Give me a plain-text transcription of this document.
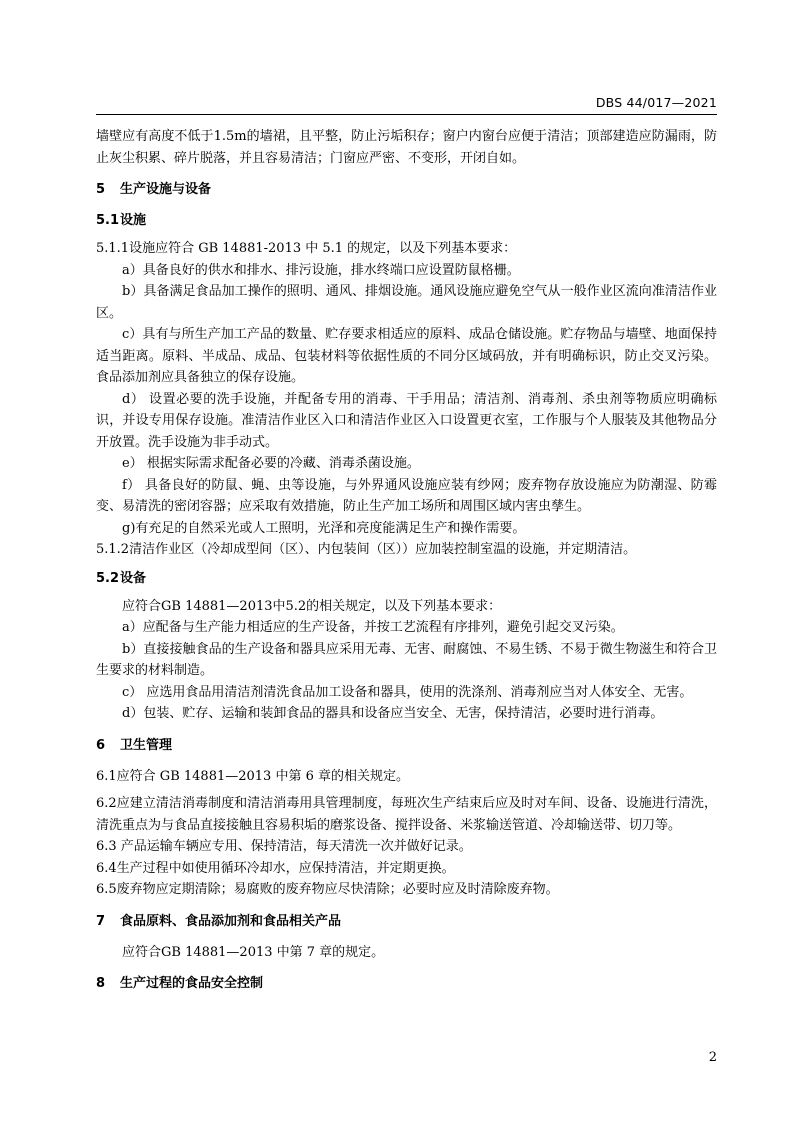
DBS 44/017—2021

墙壁应有高度不低于1.5m的墙裙，且平整，防止污垢积存；窗户内窗台应便于清洁；顶部建造应防漏雨，防止灰尘积累、碎片脱落，并且容易清洁；门窗应严密、不变形，开闭自如。

5 生产设施与设备
5.1设施

5.1.1设施应符合 GB 14881-2013 中 5.1 的规定，以及下列基本要求：

a）具备良好的供水和排水、排污设施，排水终端口应设置防鼠格栅。

b）具备满足食品加工操作的照明、通风、排烟设施。通风设施应避免空气从一般作业区流向准清洁作业区。

c）具有与所生产加工产品的数量、贮存要求相适应的原料、成品仓储设施。贮存物品与墙壁、地面保持适当距离。原料、半成品、成品、包装材料等依据性质的不同分区域码放，并有明确标识，防止交叉污染。食品添加剂应具备独立的保存设施。

d） 设置必要的洗手设施，并配备专用的消毒、干手用品；清洁剂、消毒剂、杀虫剂等物质应明确标识，并设专用保存设施。准清洁作业区入口和清洁作业区入口设置更衣室，工作服与个人服装及其他物品分开放置。洗手设施为非手动式。

e） 根据实际需求配备必要的冷藏、消毒杀菌设施。

f） 具备良好的防鼠、蝇、虫等设施，与外界通风设施应装有纱网；废弃物存放设施应为防潮湿、防霉变、易清洗的密闭容器；应采取有效措施，防止生产加工场所和周围区域内害虫孳生。

g)有充足的自然采光或人工照明，光泽和亮度能满足生产和操作需要。

5.1.2清洁作业区（冷却成型间（区）、内包装间（区））应加装控制室温的设施，并定期清洁。

5.2设备

应符合GB 14881—2013中5.2的相关规定，以及下列基本要求：

a）应配备与生产能力相适应的生产设备，并按工艺流程有序排列，避免引起交叉污染。

b）直接接触食品的生产设备和器具应采用无毒、无害、耐腐蚀、不易生锈、不易于微生物滋生和符合卫生要求的材料制造。

c） 应选用食品用清洁剂清洗食品加工设备和器具，使用的洗涤剂、消毒剂应当对人体安全、无害。

d）包装、贮存、运输和装卸食品的器具和设备应当安全、无害，保持清洁，必要时进行消毒。

6 卫生管理

6.1应符合 GB 14881—2013 中第 6 章的相关规定。

6.2应建立清洁消毒制度和清洁消毒用具管理制度，每班次生产结束后应及时对车间、设备、设施进行清洗，清洗重点为与食品直接接触且容易积垢的磨浆设备、搅拌设备、米浆输送管道、冷却输送带、切刀等。

6.3 产品运输车辆应专用、保持清洁，每天清洗一次并做好记录。

6.4生产过程中如使用循环冷却水，应保持清洁，并定期更换。

6.5废弃物应定期清除；易腐败的废弃物应尽快清除；必要时应及时清除废弃物。

7 食品原料、食品添加剂和食品相关产品

应符合GB 14881—2013 中第 7 章的规定。

8 生产过程的食品安全控制
2
